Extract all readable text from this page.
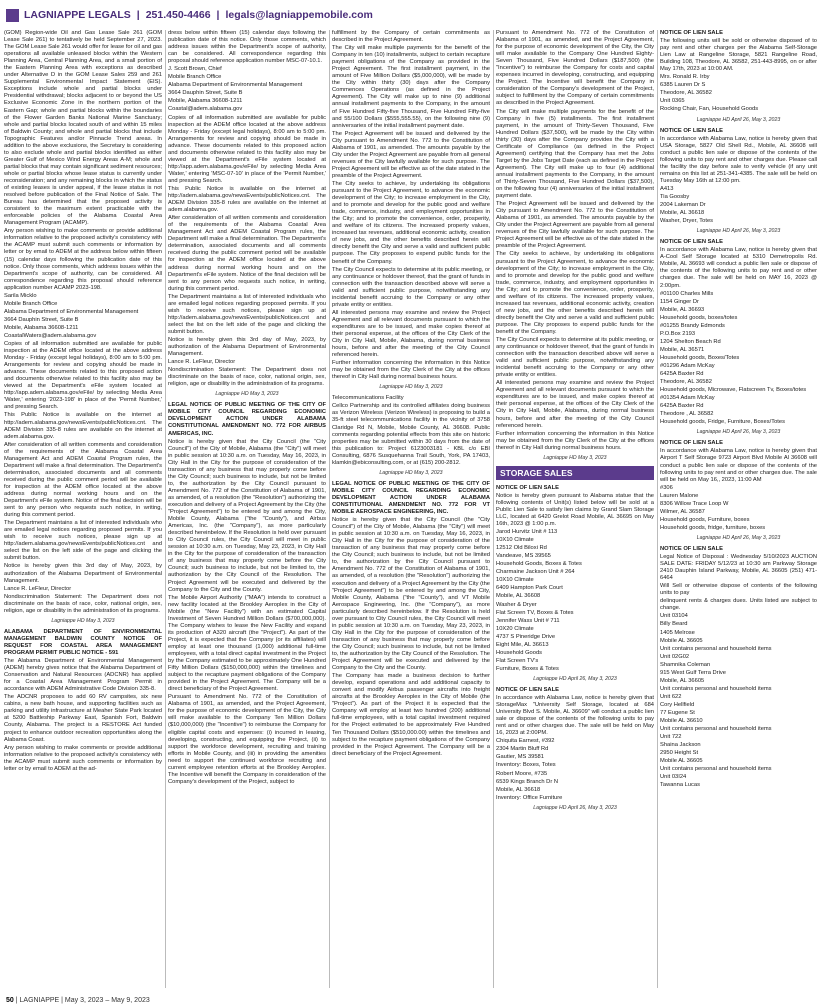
LAGNIAPPE LEGALS | 251.450-4466 | legals@lagniappemobile.com

(GOM) Region-wide Oil and Gas Lease Sale 261 (GOM Lease Sale 261) to tentatively be held September 27, 2023. The GOM Lease Sale 261 would offer for lease for oil and gas operations all available unleased blocks within the Western Planning Area, Central Planning Area, and a small portion of the Eastern Planning Area with exceptions as described under Alternative D in the GOM Lease Sales 259 and 261 Supplemental Environmental Impact Statement (EIS). Exceptions include whole and partial blocks under Presidential withdrawal; blocks adjacent to or beyond the US Exclusive Economic Zone in the northern portion of the Eastern Gap; whole and partial blocks within the boundaries of the Flower Garden Banks National Marine Sanctuary; whole and partial blocks located south of and within 15 miles of Baldwin County; and whole and partial blocks that include Topographic Features and/or Pinnacle Trend areas. In addition to the above exclusions, the Secretary is considering to also exclude whole and partial blocks identified as either Greater Gulf of Mexico Wind Energy Areas A-M; whole and partial blocks that may contain significant sediment resources; whole or partial blocks whose lease status is currently under reconsideration; and any remaining blocks in which the status of existing leases is under appeal, if the lease status is not resolved before publication of the Final Notice of Sale. The Bureau has determined that the proposed activity is consistent to the maximum extent practicable with the enforceable policies of the Alabama Coastal Area Management Program (ACAMP).

Any person wishing to make comments or provide additional information relative to the proposed activity's consistency with the ACAMP must submit such comments or information by letter or by email to ADEM at the address below within fifteen (15) calendar days following the publication date of this notice. Only those comments, which address issues within the Department's scope of authority, can be considered. All correspondence regarding this proposal should reference application number ACAMP 2023-198.

Sarila Micklo

Mobile Branch Office

Alabama Department of Environmental Management

3664 Dauphin Street, Suite B

Mobile, Alabama 36608-1211

CoastalWaters@adem.alabama.gov

Copies of all information submitted are available for public inspection at the ADEM office located at the above address Monday - Friday (except legal holidays), 8:00 am to 5:00 pm. Arrangements for review and copying should be made in advance. These documents related to this proposed action and documents otherwise related to this facility also may be viewed at the Department's eFile system located at http://app.adem.alabama.gov/eFile/ by selecting Media Area 'Water,' entering '2023-198' in place of the 'Permit Number,' and pressing Search.

This Public Notice is available on the internet at http://adem.alabama.gov/newsEvents/publicNotices.cnt. The ADEM Division 335-8 rules are available on the internet at adem.alabama.gov.

After consideration of all written comments and consideration of the requirements of the Alabama Coastal Area Management Act and ADEM Coastal Program rules, the Department will make a final determination. The Department's determination, associated documents and all comments received during the public comment period will be available for inspection at the ADEM office located at the above address during normal working hours and on the Department's eFile system. Notice of the final decision will be sent to any person who requests such notice, in writing, during this comment period.

The Department maintains a list of interested individuals who are emailed legal notices regarding proposed permits. If you wish to receive such notices, please sign up at http://adem.alabama.gov/newsEvents/publicNotices.cnt and select the list on the left side of the page and clicking the submit button.

Notice is hereby given this 3rd day of May, 2023, by authorization of the Alabama Department of Environmental Management.

Lance R. LeFleur, Director

Nondiscrimination Statement: The Department does not discriminate on the basis of race, color, national origin, sex, religion, age or disability in the administration of its programs.

Lagniappe HD May 3, 2023

ALABAMA DEPARTMENT OF ENVIRONMENTAL MANAGEMENT BALDWIN COUNTY NOTICE OF REQUEST FOR COASTAL AREA MANAGEMENT PROGRAM PERMIT PUBLIC NOTICE - 591

The Alabama Department of Environmental Management (ADEM) hereby gives notice that the Alabama Department of Conservation and Natural Resources (ADCNR) has applied for a Coastal Area Management Program Permit in accordance with ADEM Administrative Code Division 335-8.

The ADCNR proposes to add 60 RV campsites, six new cabins, a new bath house, and supporting facilities such as parking and utility infrastructure at Meaher State Park located at 5200 Battleship Parkway East, Spanish Fort, Baldwin County, Alabama. The project is a RESTORE Act funded project to enhance outdoor recreation opportunities along the Alabama Coast.

Any person wishing to make comments or provide additional information relative to the proposed activity's consistency with the ACAMP must submit such comments or information by letter or by email to ADEM at the ad-

dress below within fifteen (15) calendar days following the publication date of this notice. Only those comments, which address issues within the Department's scope of authority, can be considered. All correspondence regarding this proposal should reference application number MSC-07-10.1.

J. Scott Brown, Chief

Mobile Branch Office

Alabama Department of Environmental Management

3664 Dauphin Street, Suite B

Mobile, Alabama 36608-1211

Coastal@adem.alabama.gov

Copies of all information submitted are available for public inspection at the ADEM office located at the above address Monday - Friday (except legal holidays), 8:00 am to 5:00 pm. Arrangements for review and copying should be made in advance. These documents related to this proposed action and documents otherwise related to this facility also may be viewed at the Department's eFile system located at http://app.adem.alabama.gov/eFile/ by selecting Media Area 'Water,' entering 'MSC-07-10' in place of the 'Permit Number,' and pressing Search.

This Public Notice is available on the internet at http://adem.alabama.gov/newsEvents/publicNotices.cnt. The ADEM Division 335-8 rules are available on the internet at adem.alabama.gov.

After consideration of all written comments and consideration of the requirements of the Alabama Coastal Area Management Act and ADEM Coastal Program rules, the Department will make a final determination. The Department's determination, associated documents and all comments received during the public comment period will be available for inspection at the ADEM office located at the above address during normal working hours and on the Department's eFile system. Notice of the final decision will be sent to any person who requests such notice, in writing, during this comment period.

The Department maintains a list of interested individuals who are emailed legal notices regarding proposed permits. If you wish to receive such notices, please sign up at http://adem.alabama.gov/newsEvents/publicNotices.cnt and select the list on the left side of the page and clicking the submit button.

Notice is hereby given this 3rd day of May, 2023, by authorization of the Alabama Department of Environmental Management.

Lance R. LeFleur, Director

Nondiscrimination Statement: The Department does not discriminate on the basis of race, color, national origin, sex, religion, age or disability in the administration of its programs.

Lagniappe HD May 3, 2023

LEGAL NOTICE OF PUBLIC MEETING OF THE CITY OF MOBILE CITY COUNCIL REGARDING ECONOMIC DEVELOPMENT ACTION UNDER ALABAMA CONSTITUTIONAL AMENDMENT NO. 772 FOR AIRBUS AMERICAS, INC.

Notice is hereby given that the City Council (the "City Council") of the City of Mobile, Alabama (the "City") will meet in public session at 10:30 a.m. on Tuesday, May 16, 2023, in City Hall in the City for the purpose of consideration of the transaction of any business that may properly come before the City Council; such business to include, but not be limited to, the authorization by the City Council pursuant to Amendment No. 772 of the Constitution of Alabama of 1901, as amended, of a resolution (the "Resolution") authorizing the execution and delivery of a Project Agreement by the City (the "Project Agreement") to be entered by and among the City, Mobile County, Alabama ("the "County"), and Airbus Americas, Inc. (the "Company"), as more particularly described hereinbelow. If the Resolution is held over pursuant to City Council rules, the City Council will meet in public session at 10:30 a.m. on Tuesday, May 23, 2023, in City Hall in the City for the purpose of consideration of the transaction of any business that may properly come before the City Council; such business to include, but not be limited to, the authorization by the City Council of the Resolution. The Project Agreement will be executed and delivered by the Company to the City and the County.

The Mobile Airport Authority ("MAA") intends to construct a new facility located at the Brookley Aeroplex in the City of Mobile (the "New Facility") with an estimated Capital Investment of Seven Hundred Million Dollars ($700,000,000). The Company wishes to lease the New Facility and expand its production of A320 aircraft (the "Project"). As part of the Project, it is expected that the Company (or its affiliates) will employ at least one thousand (1,000) additional full-time employees, with a total direct capital investment in the Project by the Company estimated to be approximately One Hundred Fifty Million Dollars ($150,000,000) within the timelines and subject to the recapture payment obligations of the Company provided in the Project Agreement. The Company will be a direct beneficiary of the Project Agreement.

Pursuant to Amendment No. 772 of the Constitution of Alabama of 1901, as amended, and the Project Agreement, for the purpose of economic development of the City, the City will make available to the Company Ten Million Dollars ($10,000,000) (the "Incentive") to reimburse the Company for eligible capital costs and expenses: (i) incurred in leasing, developing, constructing, and equipping the Project, (ii) to support the workforce development, recruiting and training efforts in Mobile County, and (iii) in providing the amenities need to support the continued workforce recruiting and current employee retention efforts at the Brookley Aeroplex. The Incentive will benefit the Company in consideration of the Company's development of the Project, subject to

fulfillment by the Company of certain commitments as described in the Project Agreement.

The City will make multiple payments for the benefit of the Company in ten (10) installments, subject to certain recapture payment obligations of the Company as provided in the Project Agreement. The first installment payment, in the amount of Five Million Dollars ($5,000,000), will be made by the City within thirty (30) days after the Company Commences Operations (as defined in the Project Agreement). The City will make up to nine (9) additional annual installment payments to the Company, in the amount of Five Hundred Fifty-five Thousand, Five Hundred Fifty-five and 55/100 Dollars ($555,555.55), on the following nine (9) anniversaries of the initial installment payment date.

The Project Agreement will be issued and delivered by the City pursuant to Amendment No. 772 to the Constitution of Alabama of 1901, as amended. The amounts payable by the City under the Project Agreement are payable from all general revenues of the City lawfully available for such purpose. The Project Agreement will be effective as of the date stated in the preamble of the Project Agreement.

The City seeks to achieve, by undertaking its obligations pursuant to the Project Agreement, to advance the economic development of the City; to increase employment in the City, and to promote and develop for the public good and welfare trade, commerce, industry, and employment opportunities in the City; and to promote the convenience, order, prosperity, and welfare of its citizens. The increased property values, increased tax revenues, additional economic activity, creation of new jobs, and the other benefits described herein will directly benefit the City and serve a valid and sufficient public purpose. The City proposes to expend public funds for the benefit of the Company.

The City Council expects to determine at its public meeting, or any continuance or holdover thereof, that the grant of funds in connection with the transaction described above will serve a valid and sufficient public purpose, notwithstanding any incidental benefit accruing to the Company or any other private entity or entities.

All interested persons may examine and review the Project Agreement and all relevant documents pursuant to which the expenditures are to be issued, and make copies thereof at their personal expense, at the offices of the City Clerk of the City in City Hall, Mobile, Alabama, during normal business hours, before and after the meeting of the City Council referenced herein.

Further information concerning the information in this Notice may be obtained from the City Clerk of the City at the offices thereof in City Hall during normal business hours.

Lagniappe HD May 3, 2023

Telecommunications Facility

Cellco Partnership and its controlled affiliates doing business as Verizon Wireless (Verizon Wireless) is proposing to build a 35-ft steel telecommunications facility in the vicinity of 3758 Claridge Rd N, Mobile, Mobile County, AL 36608. Public comments regarding potential effects from this site on historic properties may be submitted within 30 days from the date of this publication to: Project 6123003181 - KBL c/o EBI Consulting, 6876 Susquehanna Trail South, York, PA 17403, klamkin@ebiconsulting.com, or at (615) 200-2812.

Lagniappe HD May 3, 2023

LEGAL NOTICE OF PUBLIC MEETING OF THE CITY OF MOBILE CITY COUNCIL REGARDING ECONOMIC DEVELOPMENT ACTION UNDER ALABAMA CONSTITUTIONAL AMENDMENT NO. 772 FOR VT MOBILE AEROSPACE ENGINEERING, INC.

Notice is hereby given that the City Council (the "City Council") of the City of Mobile, Alabama (the "City") will meet in public session at 10:30 a.m. on Tuesday, May 16, 2023, in City Hall in the City for the purpose of consideration of the transaction of any business that may properly come before the City Council; such business to include, but not be limited to, the authorization by the City Council pursuant to Amendment No. 772 of the Constitution of Alabama of 1901, as amended, of a resolution (the "Resolution") authorizing the execution and delivery of a Project Agreement by the City (the "Project Agreement") to be entered by and among the City, Mobile County, Alabama ("the "County"), and VT Mobile Aerospace Engineering, Inc. (the "Company"), as more particularly described hereinbelow. If the Resolution is held over pursuant to City Council rules, the City Council will meet in public session at 10:30 a.m. on Tuesday, May 23, 2023, in City Hall in the City for the purpose of consideration of the transaction of any business that may properly come before the City Council; such business to include, but not be limited to, the authorization by the City Council of the Resolution. The Project Agreement will be executed and delivered by the Company to the City and the County.

The Company has made a business decision to further develop, expand operations and add additional capacity to convert and modify Airbus passenger aircrafts into freight aircrafts at the Brookley Aeroplex in the City of Mobile (the "Project"). As part of the Project it is expected that the Company will employ at least two hundred (200) additional full-time employees, with a total capital investment required for the Project estimated to be approximately Five Hundred Ten Thousand Dollars ($510,000.00) within the timelines and subject to the recapture payment obligations of the Company provided in the Project Agreement. The Company will be a direct beneficiary of the Project Agreement.

Pursuant to Amendment No. 772 of the Constitution of Alabama of 1901, as amended, and the Project Agreement, for the purpose of economic development of the City, the City will make available to the Company One Hundred Eighty-Seven Thousand, Five Hundred Dollars ($187,500) (the "Incentive") to reimburse the Company for costs and capital expenses incurred in developing, constructing, and equipping the Project. The Incentive will benefit the Company in consideration of the Company's development of the Project, subject to fulfillment by the Company of certain commitments as described in the Project Agreement.

The City will make multiple payments for the benefit of the Company in five (5) installments. The first installment payment, in the amount of Thirty-Seven Thousand, Five Hundred Dollars ($37,500), will be made by the City within thirty (30) days after the Company provides the City with a Certificate of Compliance (as defined in the Project Agreement) certifying that the Company has met the Jobs Target by the Jobs Target Date (each as defined in the Project Agreement). The City will make up to four (4) additional annual installment payments to the Company, in the amount of Thirty-Seven Thousand, Five Hundred Dollars ($37,500), on the following four (4) anniversaries of the initial installment payment date.

The Project Agreement will be issued and delivered by the City pursuant to Amendment No. 772 to the Constitution of Alabama of 1901, as amended. The amounts payable by the City under the Project Agreement are payable from all general revenues of the City lawfully available for such purpose. The Project Agreement will be effective as of the date stated in the preamble of the Project Agreement.

The City seeks to achieve, by undertaking its obligations pursuant to the Project Agreement, to advance the economic development of the City; to increase employment in the City, and to promote and develop for the public good and welfare trade, commerce, industry, and employment opportunities in the City; and to promote the convenience, order, prosperity, and welfare of its citizens. The increased property values, increased tax revenues, additional economic activity, creation of new jobs, and the other benefits described herein will directly benefit the City and serve a valid and sufficient public purpose. The City proposes to expend public funds for the benefit of the Company.

The City Council expects to determine at its public meeting, or any continuance or holdover thereof, that the grant of funds in connection with the transaction described above will serve a valid and sufficient public purpose, notwithstanding any incidental benefit accruing to the Company or any other private entity or entities.

All interested persons may examine and review the Project Agreement and all relevant documents pursuant to which the expenditures are to be issued, and make copies thereof at their personal expense, at the offices of the City Clerk of the City in City Hall, Mobile, Alabama, during normal business hours, before and after the meeting of the City Council referenced herein.

Further information concerning the information in this Notice may be obtained from the City Clerk of the City at the offices thereof in City Hall during normal business hours.

Lagniappe HD May 3, 2023
STORAGE SALES

NOTICE OF LIEN SALE

Notice is hereby given pursuant to Alabama statue that the following contents of Unit(s) listed below will be sold at a Public Lien Sale to satisfy lien claims by Grand Slam Storage LLC, located at 6420 Grelot Road Mobile, AL 36695 on May 16th, 2023 @ 1:00 p.m.

Jarod Hurvitz Unit # 113

10X10 Climate

12512 Old Biloxi Rd

Vandeave, MS 39565

Household Goods, Boxes & Totes

Charmaine Jackson Unit # 264

10X10 Climate

6409 Hampton Park Court

Mobile, AL 36608

Washer & Dryer

Flat Screen TV, Boxes & Totes

Jennifer Wass Unit # 711

10X20 Climate

4737 S Pineridge Drive

Eight Mile, AL 36613

Household Goods

Flat Screen TV's

Furniture, Boxes & Totes

Lagniappe HD April 26, May 3, 2023

NOTICE OF LIEN SALE

In accordance with Alabama Law, notice is hereby given that StorageMax "University Self Storage, located at 684 University Blvd S. Mobile, AL 36609" will conduct a public lien sale or dispose of the contents of the following units to pay rent and or other charges due. The sale will be held on May 16, 2023 at 2:00PM.

Chiquita Earnest, #392

2304 Martin Bluff Rd

Gautier, MS 39581

Inventory: Boxes, Totes

Robert Moore, #735

6539 Kings Branch Dr N

Mobile, AL 36618

Inventory: Office Furniture

Lagniappe HD April 26, May 3, 2023

NOTICE OF LIEN SALE

The following units will be sold or otherwise disposed of to pay rent and other charges per the Alabama Self-Storage Lien Law at Rangeline Storage, 5821 Rangeline Road, Building 108, Theodore, AL 36582, 251-443-8995, on or after May 17th, 2023 at 10:00 AM.

Mrs. Ronald R. Irby

6385 Lauren Dr S

Theodore, AL 36582

Unit 0365

Rocking Chair, Fan, Household Goods

Lagniappe HD April 26, May 3, 2023

NOTICE OF LIEN SALE

In accordance with Alabama Law, notice is hereby given that USA Storage, 5827 Old Shell Rd., Mobile, AL 36608 will conduct a public lien sale or dispose of the contents of the following units to pay rent and other charges due. Please call the facility the day before sale to verify vehicle (if any unit remains on this list at 251-341-4385. The sale will be held on Tuesday May 16th at 12:00 pm.

A413

Tia Goosby

2004 Lakeman Dr

Mobile, AL 36618

Washer, Dryer, Totes

Lagniappe HD April 26, May 3, 2023

NOTICE OF LIEN SALE

In accordance with Alabama Law, notice is hereby given that A-Cool Self Storage located at 5310 Demetropolis Rd. Mobile, AL 36693 will conduct a public lien sale or dispose of the contents of the following units to pay rent and or other charges due. The sale will be held on MAY 16, 2023 @ 2:00pm.

#01100 Charles Mills

1154 Ginger Dr

Mobile, AL 36693

Household goods, boxes/totes

#01255 Brandy Edmonds

P.O.Box 2193

1204 Shelton Beach Rd

Mobile, AL 36571

Household goods, Boxes/Totes

#01296 Adam McKay

6425A Baxter Rd

Theodore, AL 36582

Household goods, Microwave, Flatscreen Tv, Boxes/totes

#01354 Adam McKay

6425A Baxter Rd

Theodore , AL 36582

Household goods, Fridge, Furniture, Boxes/Totes

Lagniappe HD April 26, May 3, 2023

NOTICE OF LIEN SALE

In accordance with Alabama Law, notice is hereby given that Airport T Self Storage 9723 Airport Blvd Mobile Al 36608 will conduct a public lien sale or dispose of the contents of the following units to pay rent and or other charges due. The sale will be held on May 16,, 2023, 11:00 AM

#306

Lauren Malone

8306 Willow Trace Loop W

Wilmer, AL 36587

Household goods, Furniture, boxes

Household goods, fridge, furniture, boxes

Lagniappe HD April 26, May 3, 2023

NOTICE OF LIEN SALE

Legal Notice of Disposal : Wednesday 5/10/2023 AUCTION SALE DATE: FRIDAY 5/12/23 at 10:30 am Parkway Storage 2410 Dauphin Island Parkway, Mobile, AL 36605 (251) 471-6464

Will Sell or otherwise dispose of contents of the following units to pay

delinquent rents & charges dues. Units listed are subject to change.

Unit 03104

Billy Beard

1405 Melrose

Mobile AL 36605

Unit contains personal and household items

Unit 02G02

Shamnika Coleman

915 West Gulf Terra Drive

Mobile, AL 36605

Unit contains personal and household items

Unit 622

Cory Hellfield

77 Eugene St

Mobile AL 36610

Unit contains personal and household items

Unit 722

Shaina Jackson

2950 Height St

Mobile AL 36605

Unit contains personal and household items

Unit 03I24

Tawanna Lucas

50 | LAGNIAPPE | May 3, 2023 – May 9, 2023
